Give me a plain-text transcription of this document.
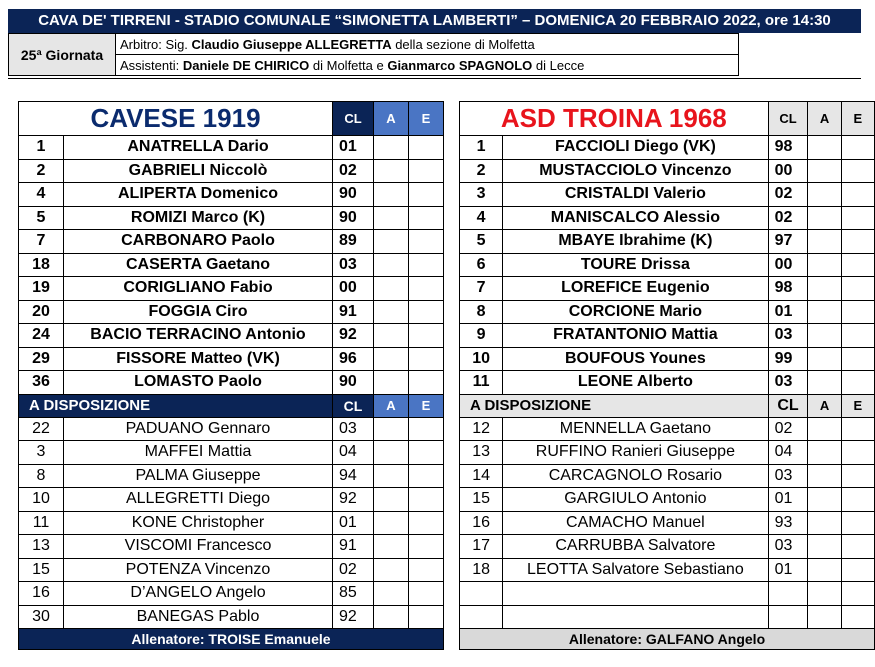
CAVA DE' TIRRENI - STADIO COMUNALE “SIMONETTA LAMBERTI” – DOMENICA 20 FEBBRAIO 2022, ore 14:30
25ª Giornata	Arbitro: Sig. Claudio Giuseppe ALLEGRETTA della sezione di Molfetta
Assistenti: Daniele DE CHIRICO di Molfetta e Gianmarco SPAGNOLO di Lecce
CAVESE 1919		CL	A	E
1	ANATRELLA Dario	01		
2	GABRIELI Niccolò	02		
4	ALIPERTA Domenico	90		
5	ROMIZI Marco (K)	90		
7	CARBONARO Paolo	89		
18	CASERTA Gaetano	03		
19	CORIGLIANO Fabio	00		
20	FOGGIA Ciro	91		
24	BACIO TERRACINO Antonio	92		
29	FISSORE Matteo (VK)	96		
36	LOMASTO Paolo	90		
A DISPOSIZIONE		CL	A	E
22	PADUANO Gennaro	03		
3	MAFFEI Mattia	04		
8	PALMA Giuseppe	94		
10	ALLEGRETTI Diego	92		
11	KONE Christopher	01		
13	VISCOMI Francesco	91		
15	POTENZA Vincenzo	02		
16	D’ANGELO Angelo	85		
30	BANEGAS Pablo	92		
Allenatore: TROISE Emanuele				
ASD TROINA 1968		CL	A	E
1	FACCIOLI Diego (VK)	98		
2	MUSTACCIOLO Vincenzo	00		
3	CRISTALDI Valerio	02		
4	MANISCALCO Alessio	02		
5	MBAYE Ibrahime (K)	97		
6	TOURE Drissa	00		
7	LOREFICE Eugenio	98		
8	CORCIONE Mario	01		
9	FRATANTONIO Mattia	03		
10	BOUFOUS Younes	99		
11	LEONE Alberto	03		
A DISPOSIZIONE		CL	A	E
12	MENNELLA Gaetano	02		
13	RUFFINO Ranieri Giuseppe	04		
14	CARCAGNOLO Rosario	03		
15	GARGIULO Antonio	01		
16	CAMACHO Manuel	93		
17	CARRUBBA Salvatore	03		
18	LEOTTA Salvatore Sebastiano	01		

Allenatore: GALFANO Angelo				
